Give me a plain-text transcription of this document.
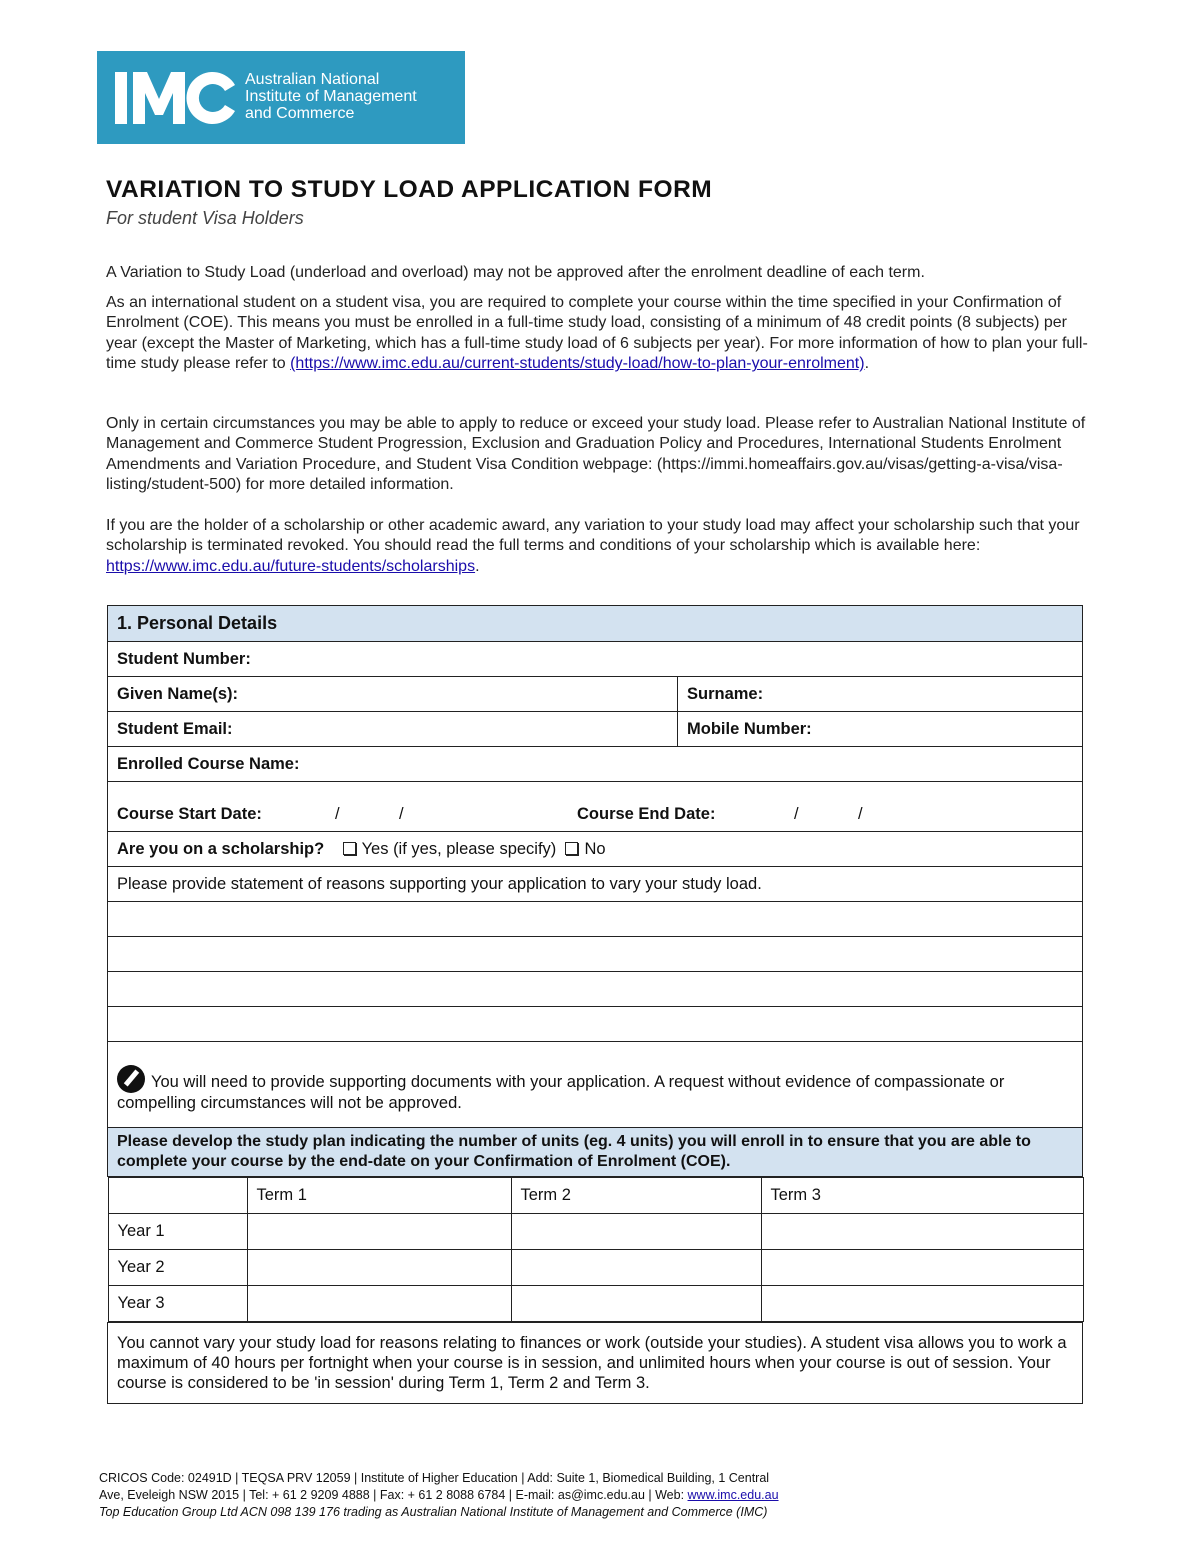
Australian National
Institute of Management
and Commerce
VARIATION TO STUDY LOAD APPLICATION FORM
For student Visa Holders
A Variation to Study Load (underload and overload) may not be approved after the enrolment deadline of each term.
As an international student on a student visa, you are required to complete your course within the time specified in your Confirmation of Enrolment (COE). This means you must be enrolled in a full-time study load, consisting of a minimum of 48 credit points (8 subjects) per year (except the Master of Marketing, which has a full-time study load of 6 subjects per year). For more information of how to plan your full-time study please refer to (https://www.imc.edu.au/current-students/study-load/how-to-plan-your-enrolment).
Only in certain circumstances you may be able to apply to reduce or exceed your study load. Please refer to Australian National Institute of Management and Commerce Student Progression, Exclusion and Graduation Policy and Procedures, International Students Enrolment Amendments and Variation Procedure, and Student Visa Condition webpage: (https://immi.homeaffairs.gov.au/visas/getting-a-visa/visa-listing/student-500) for more detailed information.
If you are the holder of a scholarship or other academic award, any variation to your study load may affect your scholarship such that your scholarship is terminated revoked. You should read the full terms and conditions of your scholarship which is available here: https://www.imc.edu.au/future-students/scholarships.
1. Personal Details
Student Number:
Given Name(s):	Surname:
Student Email:	Mobile Number:
Enrolled Course Name:

Course Start Date:	/	/	Course End Date:	/	/

Are you on a scholarship? Yes (if yes, please specify) No
Please provide statement of reasons supporting your application to vary your study load.

You will need to provide supporting documents with your application. A request without evidence of compassionate or compelling circumstances will not be approved.
Please develop the study plan indicating the number of units (eg. 4 units) you will enroll in to ensure that you are able to complete your course by the end-date on your Confirmation of Enrolment (COE).

	Term 1	Term 2	Term 3
Year 1			
Year 2			
Year 3			

You cannot vary your study load for reasons relating to finances or work (outside your studies). A student visa allows you to work a maximum of 40 hours per fortnight when your course is in session, and unlimited hours when your course is out of session. Your course is considered to be 'in session' during Term 1, Term 2 and Term 3.
CRICOS Code: 02491D | TEQSA PRV 12059 | Institute of Higher Education | Add: Suite 1, Biomedical Building, 1 Central
Ave, Eveleigh NSW 2015 | Tel: + 61 2 9209 4888 | Fax: + 61 2 8088 6784 | E-mail: as@imc.edu.au | Web: www.imc.edu.au
Top Education Group Ltd ACN 098 139 176 trading as Australian National Institute of Management and Commerce (IMC)
